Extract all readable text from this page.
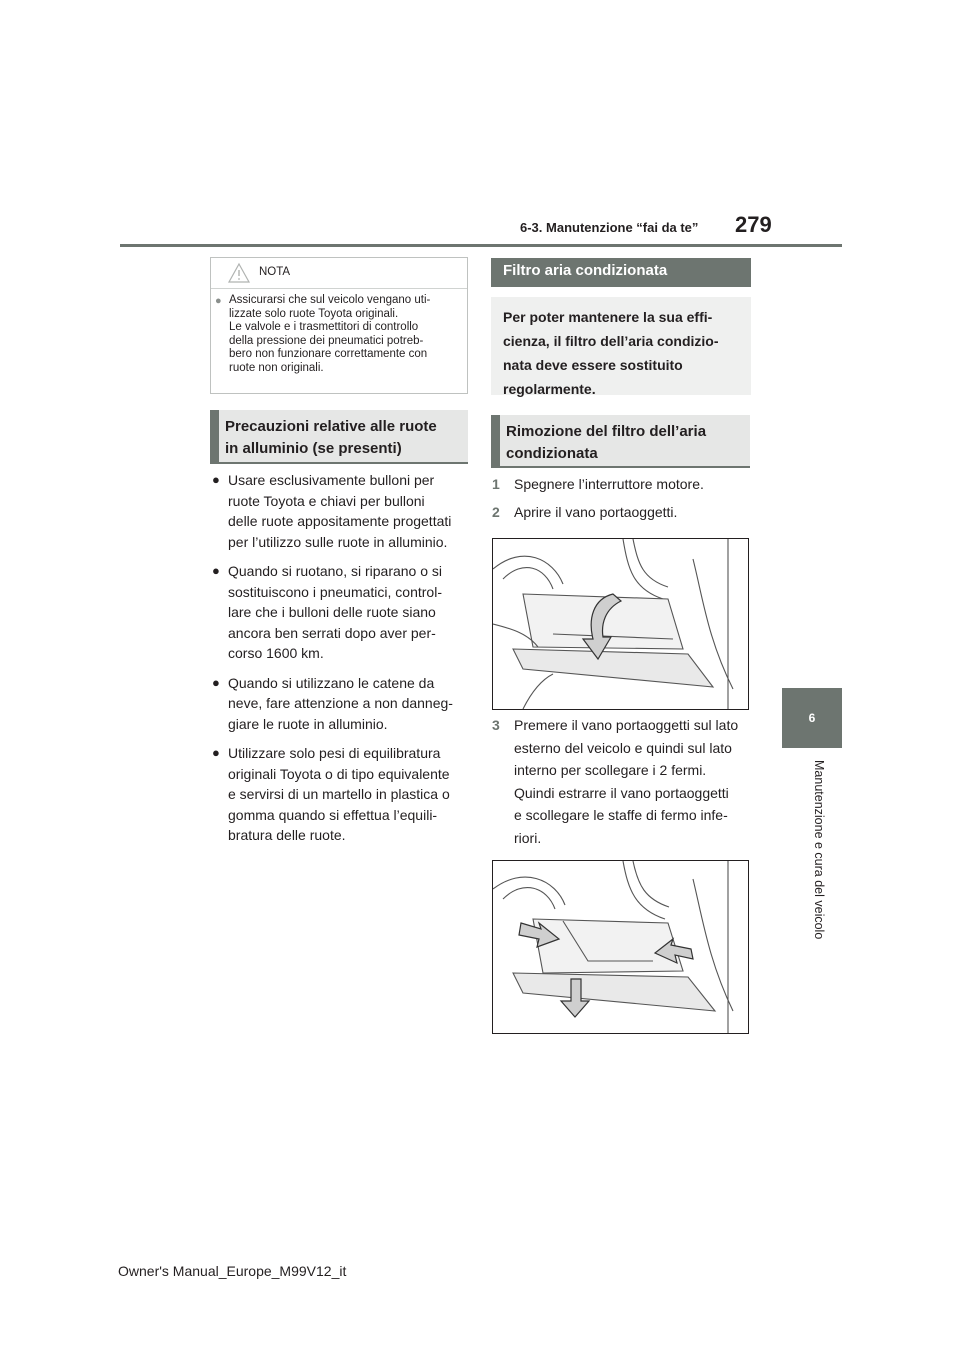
6-3. Manutenzione “fai da te” 279
6
Manutenzione e cura del veicolo
NOTA
● Assicurarsi che sul veicolo vengano uti-
lizzate solo ruote Toyota originali.
Le valvole e i trasmettitori di controllo
della pressione dei pneumatici potreb-
bero non funzionare correttamente con
ruote non originali.
Precauzioni relative alle ruote
in alluminio (se presenti)
● Usare esclusivamente bulloni per
ruote Toyota e chiavi per bulloni
delle ruote appositamente progettati
per l’utilizzo sulle ruote in alluminio.
● Quando si ruotano, si riparano o si
sostituiscono i pneumatici, control-
lare che i bulloni delle ruote siano
ancora ben serrati dopo aver per-
corso 1600 km.
● Quando si utilizzano le catene da
neve, fare attenzione a non danneg-
giare le ruote in alluminio.
● Utilizzare solo pesi di equilibratura
originali Toyota o di tipo equivalente
e servirsi di un martello in plastica o
gomma quando si effettua l’equili-
bratura delle ruote.
Filtro aria condizionata
Per poter mantenere la sua effi-
cienza, il filtro dell’aria condizio-
nata deve essere sostituito
regolarmente.
Rimozione del filtro dell’aria
condizionata
1 Spegnere l’interruttore motore.
2 Aprire il vano portaoggetti.
3 Premere il vano portaoggetti sul lato
esterno del veicolo e quindi sul lato
interno per scollegare i 2 fermi.
Quindi estrarre il vano portaoggetti
e scollegare le staffe di fermo infe-
riori.
Owner's Manual_Europe_M99V12_it
